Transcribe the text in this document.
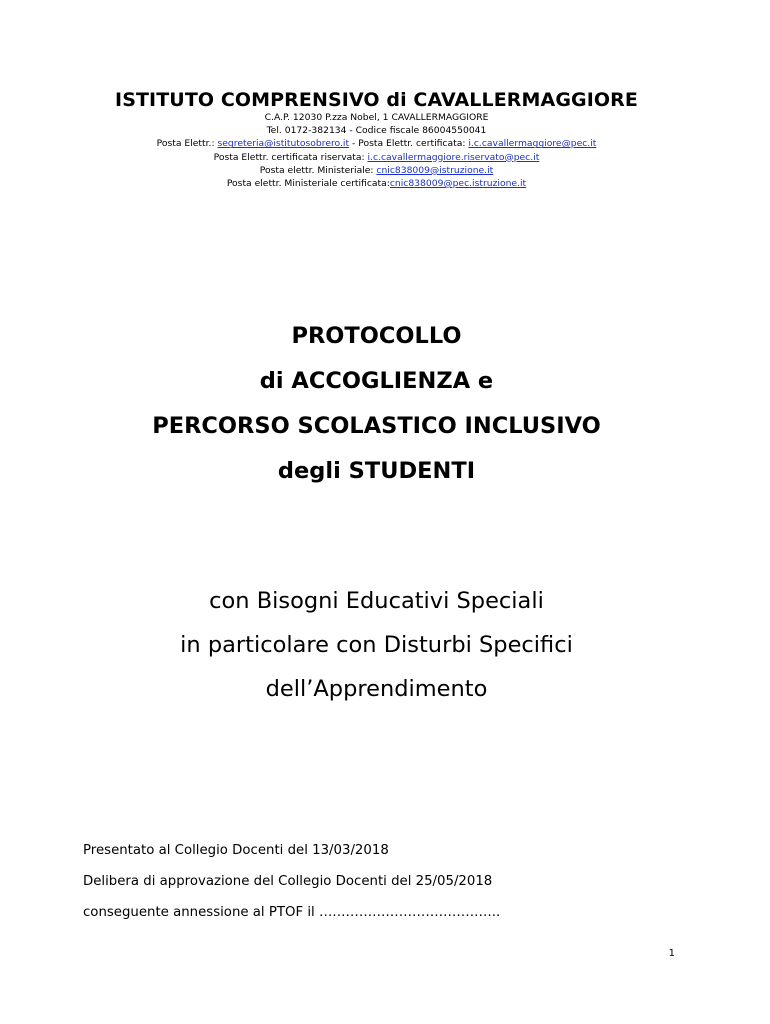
ISTITUTO COMPRENSIVO di CAVALLERMAGGIORE

C.A.P. 12030 P.zza Nobel, 1 CAVALLERMAGGIORE

Tel. 0172-382134 - Codice fiscale 86004550041

Posta Elettr.: segreteria@istitutosobrero.it - Posta Elettr. certificata: i.c.cavallermaggiore@pec.it

Posta Elettr. certificata riservata: i.c.cavallermaggiore.riservato@pec.it

Posta elettr. Ministeriale: cnic838009@istruzione.it

Posta elettr. Ministeriale certificata:cnic838009@pec.istruzione.it

PROTOCOLLO

di ACCOGLIENZA e

PERCORSO SCOLASTICO INCLUSIVO

degli STUDENTI

con Bisogni Educativi Speciali

in particolare con Disturbi Specifici

dell’Apprendimento

Presentato al Collegio Docenti del 13/03/2018

Delibera di approvazione del Collegio Docenti del 25/05/2018

conseguente annessione al PTOF il …………………………………..

1
